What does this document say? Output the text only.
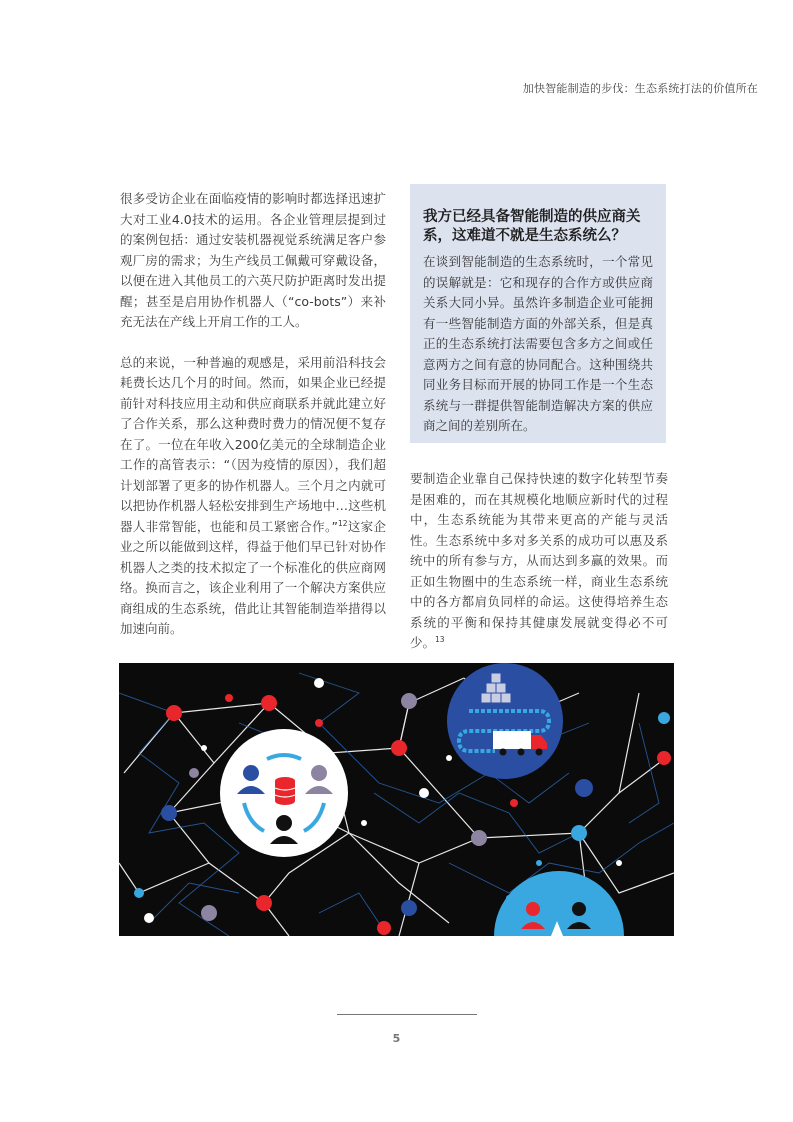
加快智能制造的步伐：生态系统打法的价值所在

很多受访企业在面临疫情的影响时都选择迅速扩大对工业4.0技术的运用。各企业管理层提到过的案例包括：通过安装机器视觉系统满足客户参观厂房的需求；为生产线员工佩戴可穿戴设备，以便在进入其他员工的六英尺防护距离时发出提醒；甚至是启用协作机器人（“co-bots”）来补充无法在产线上开肩工作的工人。

总的来说，一种普遍的观感是，采用前沿科技会耗费长达几个月的时间。然而，如果企业已经提前针对科技应用主动和供应商联系并就此建立好了合作关系，那么这种费时费力的情况便不复存在了。一位在年收入200亿美元的全球制造企业工作的高管表示：“（因为疫情的原因），我们超计划部署了更多的协作机器人。三个月之内就可以把协作机器人轻松安排到生产场地中…这些机器人非常智能，也能和员工紧密合作。”$^{12}$这家企业之所以能做到这样，得益于他们早已针对协作机器人之类的技术拟定了一个标准化的供应商网络。换而言之，该企业利用了一个解决方案供应商组成的生态系统，借此让其智能制造举措得以加速向前。

我方已经具备智能制造的供应商关系，这难道不就是生态系统么？

在谈到智能制造的生态系统时，一个常见的误解就是：它和现存的合作方或供应商关系大同小异。虽然许多制造企业可能拥有一些智能制造方面的外部关系，但是真正的生态系统打法需要包含多方之间或任意两方之间有意的协同配合。这种围绕共同业务目标而开展的协同工作是一个生态系统与一群提供智能制造解决方案的供应商之间的差别所在。

要制造企业靠自己保持快速的数字化转型节奏是困难的，而在其规模化地顺应新时代的过程中，生态系统能为其带来更高的产能与灵活性。生态系统中多对多关系的成功可以惠及系统中的所有参与方，从而达到多赢的效果。而正如生物圈中的生态系统一样，商业生态系统中的各方都肩负同样的命运。这使得培养生态系统的平衡和保持其健康发展就变得必不可少。$^{13}$

5
